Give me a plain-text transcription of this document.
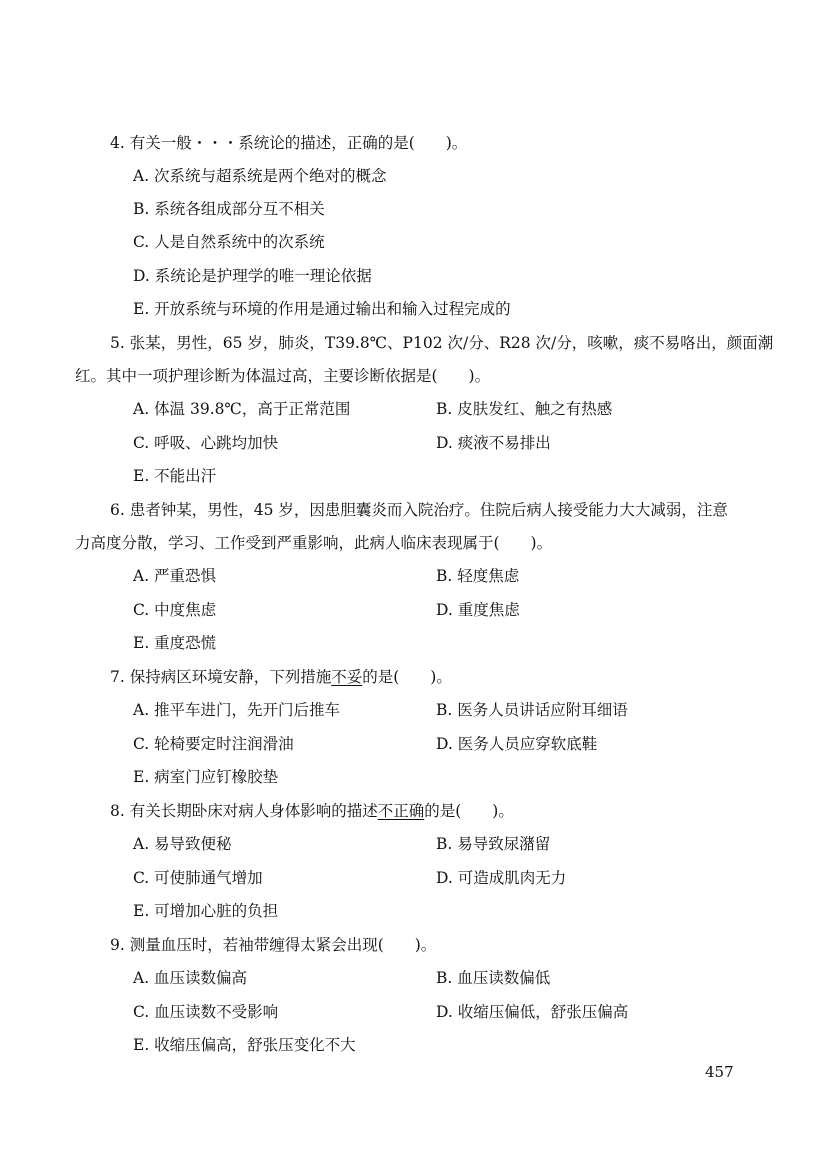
4. 有关一般・・・系统论的描述，正确的是(　　)。
A. 次系统与超系统是两个绝对的概念
B. 系统各组成部分互不相关
C. 人是自然系统中的次系统
D. 系统论是护理学的唯一理论依据
E. 开放系统与环境的作用是通过输出和输入过程完成的
5. 张某，男性，65 岁，肺炎，T39.8℃、P102 次/分、R28 次/分，咳嗽，痰不易咯出，颜面潮
红。其中一项护理诊断为体温过高，主要诊断依据是(　　)。
A. 体温 39.8℃，高于正常范围	B. 皮肤发红、触之有热感
C. 呼吸、心跳均加快	D. 痰液不易排出
E. 不能出汗
6. 患者钟某，男性，45 岁，因患胆囊炎而入院治疗。住院后病人接受能力大大减弱，注意
力高度分散，学习、工作受到严重影响，此病人临床表现属于(　　)。
A. 严重恐惧	B. 轻度焦虑
C. 中度焦虑	D. 重度焦虑
E. 重度恐慌
7. 保持病区环境安静，下列措施不妥的是(　　)。
A. 推平车进门，先开门后推车	B. 医务人员讲话应附耳细语
C. 轮椅要定时注润滑油	D. 医务人员应穿软底鞋
E. 病室门应钉橡胶垫
8. 有关长期卧床对病人身体影响的描述不正确的是(　　)。
A. 易导致便秘	B. 易导致尿潴留
C. 可使肺通气增加	D. 可造成肌肉无力
E. 可增加心脏的负担
9. 测量血压时，若袖带缠得太紧会出现(　　)。
A. 血压读数偏高	B. 血压读数偏低
C. 血压读数不受影响	D. 收缩压偏低，舒张压偏高
E. 收缩压偏高，舒张压变化不大
457
